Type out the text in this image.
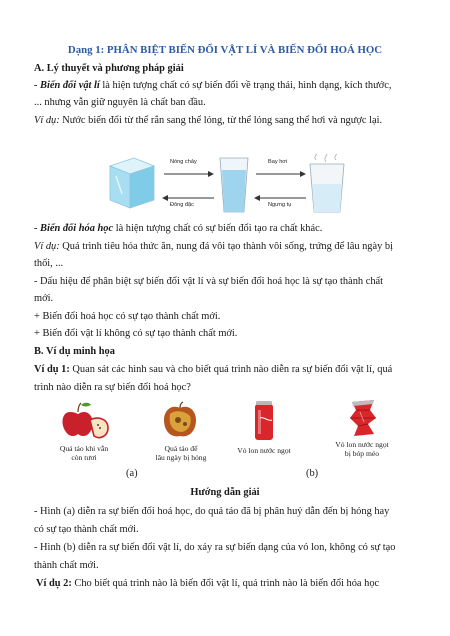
Dạng 1: PHÂN BIỆT BIẾN ĐỔI VẬT LÍ VÀ BIẾN ĐỔI HOÁ HỌC
A. Lý thuyết và phương pháp giải
- Biến đổi vật lí là hiện tượng chất có sự biến đổi về trạng thái, hình dạng, kích thước,
... nhưng vẫn giữ nguyên là chất ban đầu.
Ví dụ: Nước biến đổi từ thể rắn sang thể lỏng, từ thể lỏng sang thể hơi và ngược lại.
Nóng chảy
Đông đặc
Bay hơi
Ngưng tụ
- Biến đổi hóa học là hiện tượng chất có sự biến đổi tạo ra chất khác.
Ví dụ: Quá trình tiêu hóa thức ăn, nung đá vôi tạo thành vôi sống, trứng để lâu ngày bị
thối, ...
- Dấu hiệu để phân biệt sự biến đổi vật lí và sự biến đổi hoá học là sự tạo thành chất
mới.
+ Biến đổi hoá học có sự tạo thành chất mới.
+ Biến đổi vật lí không có sự tạo thành chất mới.
B. Ví dụ minh họa
Ví dụ 1: Quan sát các hình sau và cho biết quá trình nào diễn ra sự biến đổi vật lí, quá
trình nào diễn ra sự biến đổi hoá học?
Quả táo khi vẫn
còn tươi
Quả táo để
lâu ngày bị hỏng
Vỏ lon nước ngọt
Vỏ lon nước ngọt
bị bóp méo
(a)	(b)
Hướng dẫn giải
- Hình (a) diễn ra sự biến đổi hoá học, do quả táo đã bị phân huỷ dẫn đến bị hỏng hay
có sự tạo thành chất mới.
- Hình (b) diễn ra sự biến đổi vật lí, do xảy ra sự biến dạng của vỏ lon, không có sự tạo
thành chất mới.
Ví dụ 2: Cho biết quá trình nào là biến đổi vật lí, quá trình nào là biến đổi hóa học
